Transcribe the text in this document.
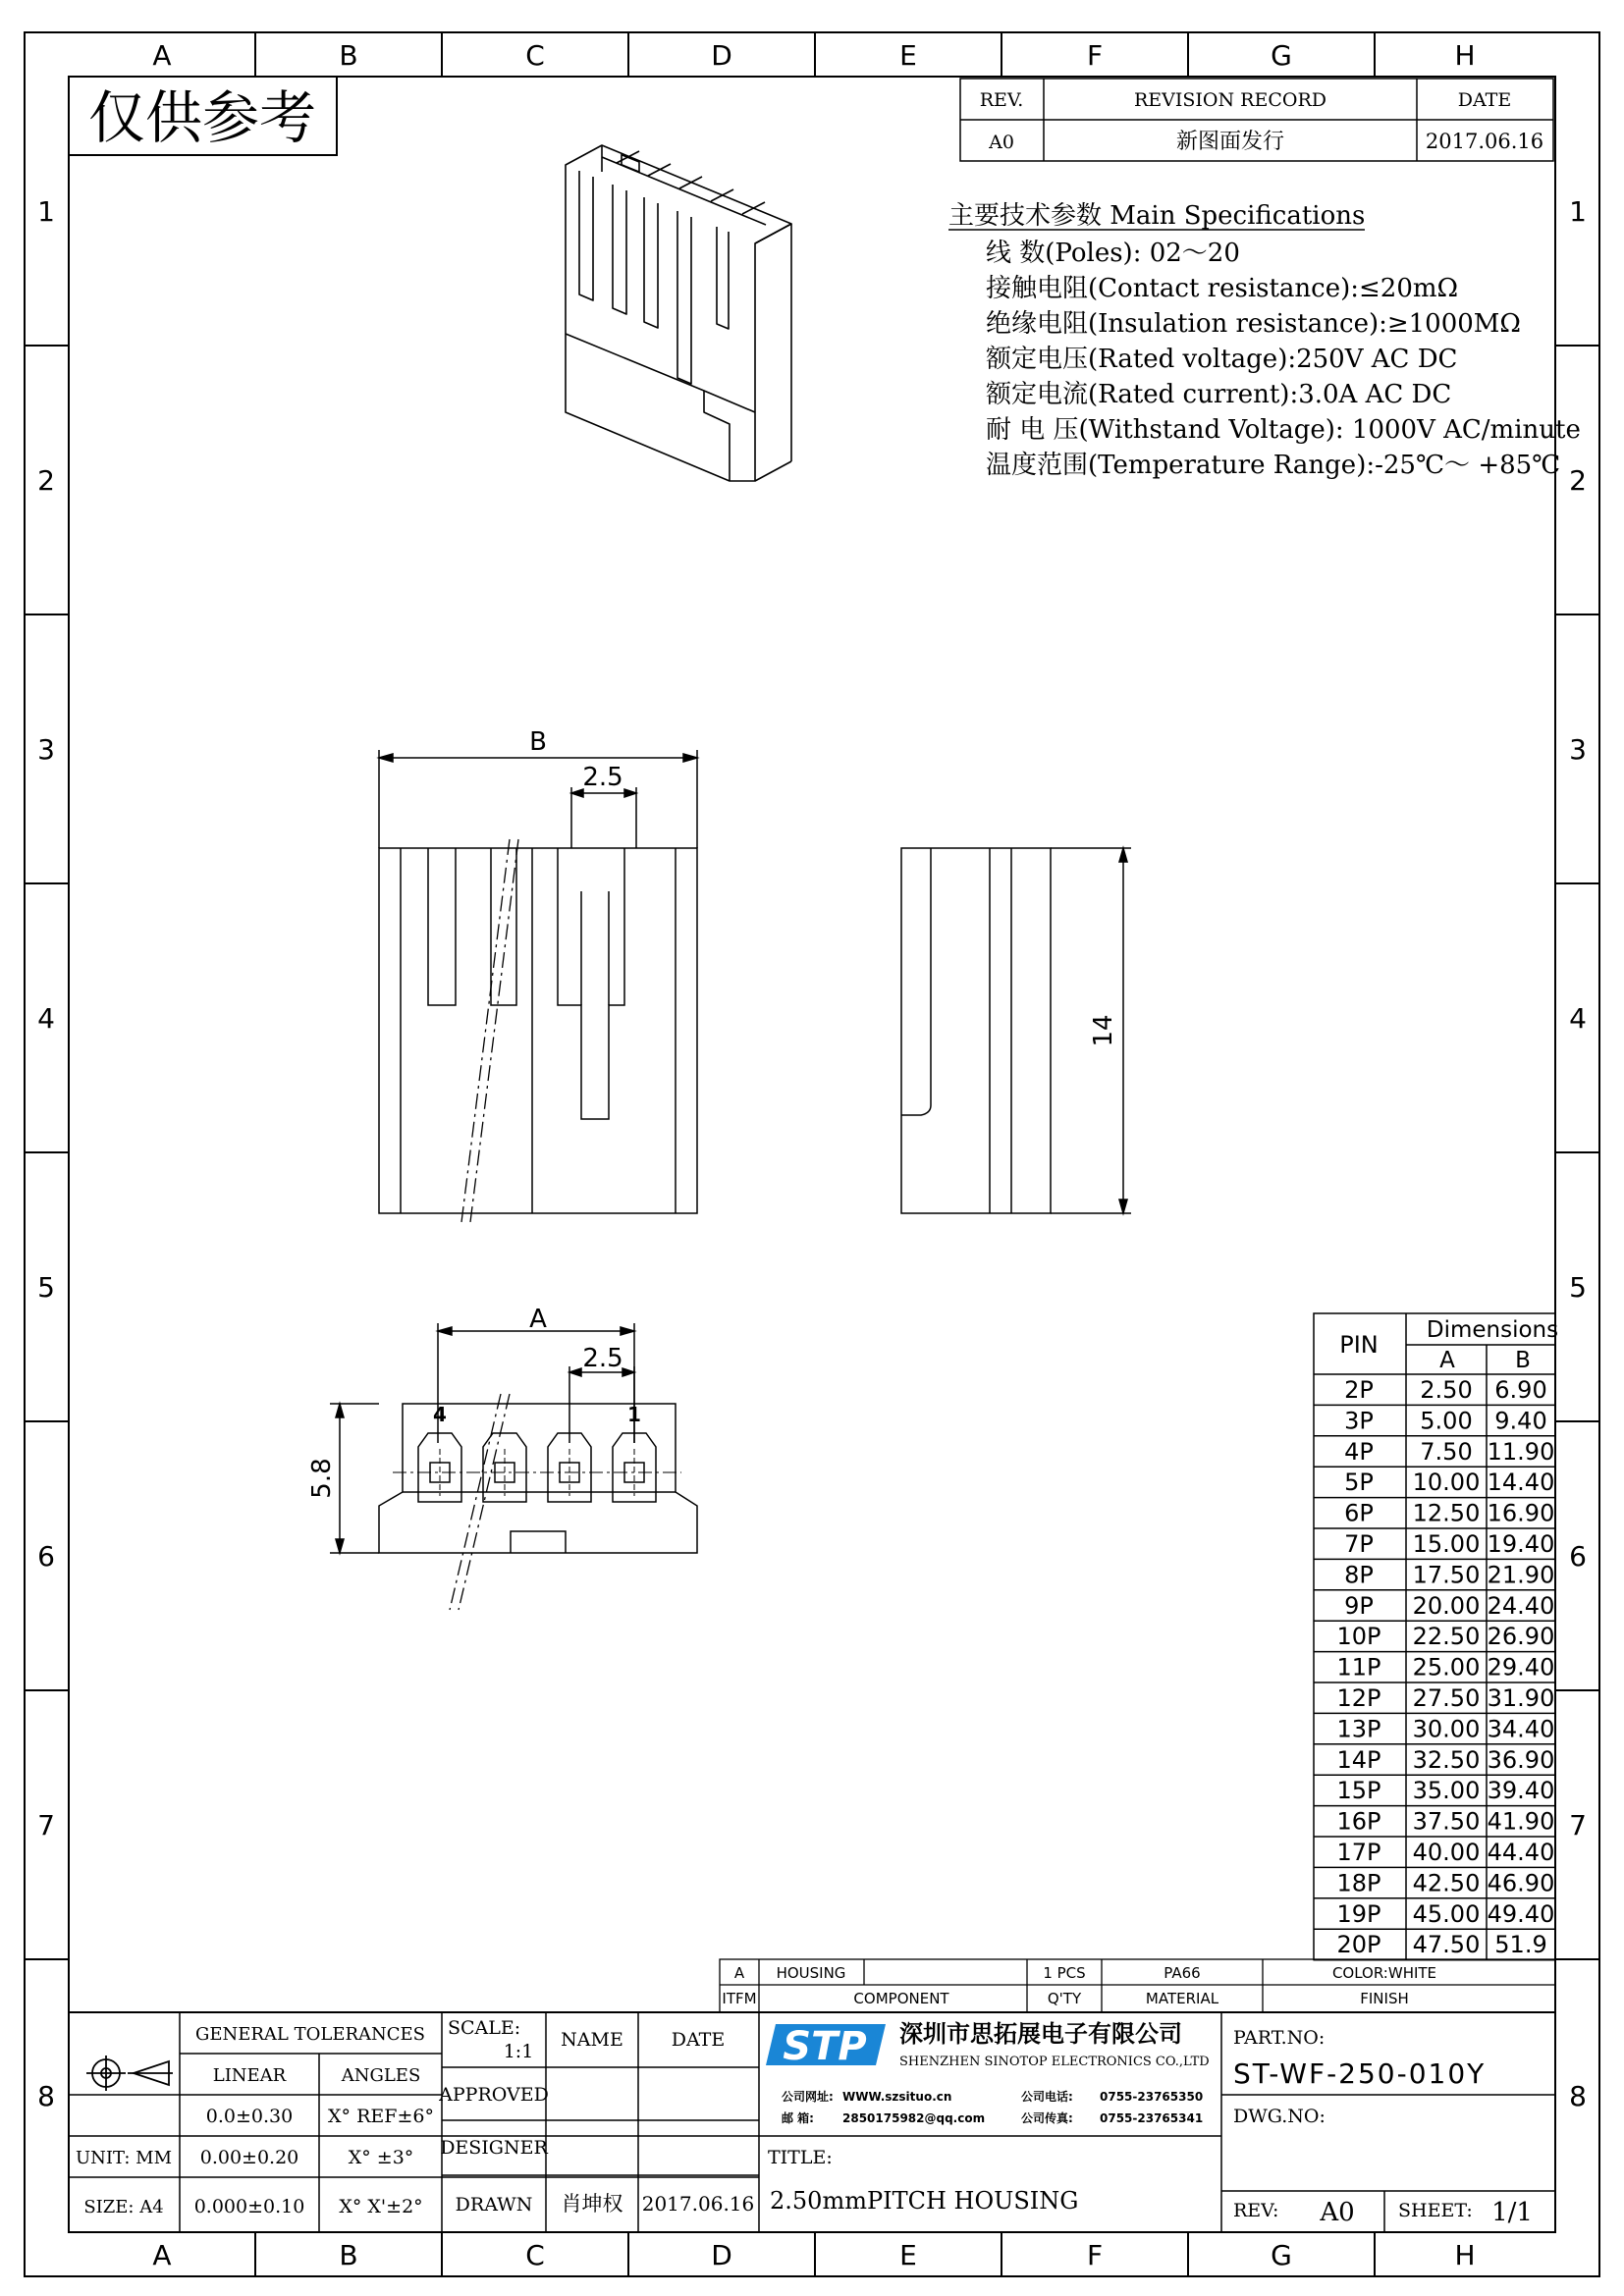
A	B	C	D	E	F	G	H
A	B	C	D	E	F	G	H
1
2
3
4
5
6
7
8
1
2
3
4
5
6
7
8
仅供参考	REV.	REVISION RECORD	DATE
A0	新图面发行	2017.06.16
主要技术参数 Main Specifications
线 数(Poles): 02～20
接触电阻(Contact resistance):≤20mΩ
绝缘电阻(Insulation resistance):≥1000MΩ
额定电压(Rated voltage):250V AC DC
额定电流(Rated current):3.0A AC DC
耐 电 压(Withstand Voltage): 1000V AC/minute
温度范围(Temperature Range):-25℃～ +85℃
B
2.5
14
A
2.5
5.8
4	1
PIN
Dimensions
A	B
2P 2.50 6.90
3P 5.00 9.40
4P 7.50 11.90
5P 10.00 14.40
6P 12.50 16.90
7P 15.00 19.40
8P 17.50 21.90
9P 20.00 24.40
10P 22.50 26.90
11P 25.00 29.40
12P 27.50 31.90
13P 30.00 34.40
14P 32.50 36.90
15P 35.00 39.40
16P 37.50 41.90
17P 40.00 44.40
18P 42.50 46.90
19P 45.00 49.40
20P 47.50 51.9
A HOUSING	1 PCS	PA66	COLOR:WHITE
ITFM	COMPONENT	Q'TY	MATERIAL	FINISH
GENERAL TOLERANCES
LINEAR	ANGLES
0.0±0.30 X° REF±6°
UNIT: MM 0.00±0.20	X° ±3°
SIZE: A4 0.000±0.10 X° X'±2°
SCALE:
1:1
NAME	DATE
APPROVED
DESIGNER
DRAWN 肖坤权 2017.06.16
STP 深圳市思拓展电子有限公司
SHENZHEN SINOTOP ELECTRONICS CO.,LTD
公司网址: WWW.szsituo.cn	公司电话: 0755-23765350
邮 箱: 2850175982@qq.com	公司传真: 0755-23765341
TITLE:
2.50mmPITCH HOUSING
PART.NO:
ST-WF-250-010Y
DWG.NO:
REV: A0 SHEET: 1/1
